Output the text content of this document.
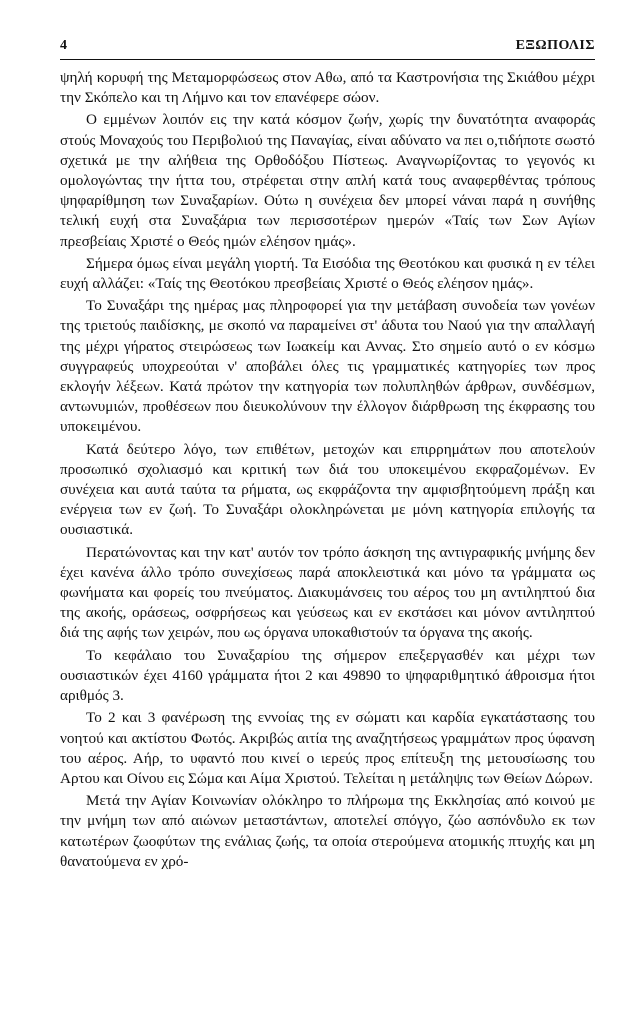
4	ΕΞΩΠΟΛΙΣ

ψηλή κορυφή της Μεταμορφώσεως στον Αθω, από τα Καστρονήσια της Σκιάθου μέχρι την Σκόπελο και τη Λήμνο και τον επανέφερε σώον.

Ο εμμένων λοιπόν εις την κατά κόσμον ζωήν, χωρίς την δυνατότητα αναφοράς στούς Μοναχούς του Περιβολιού της Παναγίας, είναι αδύνατο να πει ο,τιδήποτε σωστό σχετικά με την αλήθεια της Ορθοδόξου Πίστεως. Αναγνωρίζοντας το γεγονός κι ομολογώντας την ήττα του, στρέφεται στην απλή κατά τους αναφερθέντας τρόπους ψηφαρίθμηση των Συναξαρίων. Ούτω η συνέχεια δεν μπορεί νάναι παρά η συνήθης τελική ευχή στα Συναξάρια των περισσοτέρων ημερών «Ταίς των Σων Αγίων πρεσβείαις Χριστέ ο Θεός ημών ελέησον ημάς».

Σήμερα όμως είναι μεγάλη γιορτή. Τα Εισόδια της Θεοτόκου και φυσικά η εν τέλει ευχή αλλάζει: «Ταίς της Θεοτόκου πρεσβείαις Χριστέ ο Θεός ελέησον ημάς».

Το Συναξάρι της ημέρας μας πληροφορεί για την μετάβαση συνοδεία των γονέων της τριετούς παιδίσκης, με σκοπό να παραμείνει στ' άδυτα του Ναού για την απαλλαγή της μέχρι γήρατος στειρώσεως των Ιωακείμ και Αννας. Στο σημείο αυτό ο εν κόσμω συγγραφεύς υποχρεούται ν' αποβάλει όλες τις γραμματικές κατηγορίες των προς εκλογήν λέξεων. Κατά πρώτον την κατηγορία των πολυπληθών άρθρων, συνδέσμων, αντωνυμιών, προθέσεων που διευκολύνουν την έλλογον διάρθρωση της έκφρασης του υποκειμένου.

Κατά δεύτερο λόγο, των επιθέτων, μετοχών και επιρρημάτων που αποτελούν προσωπικό σχολιασμό και κριτική των διά του υποκειμένου εκφραζομένων. Εν συνέχεια και αυτά ταύτα τα ρήματα, ως εκφράζοντα την αμφισβητούμενη πράξη και ενέργεια των εν ζωή. Το Συναξάρι ολοκληρώνεται με μόνη κατηγορία επιλογής τα ουσιαστικά.

Περατώνοντας και την κατ' αυτόν τον τρόπο άσκηση της αντιγραφικής μνήμης δεν έχει κανένα άλλο τρόπο συνεχίσεως παρά αποκλειστικά και μόνο τα γράμματα ως φωνήματα και φορείς του πνεύματος. Διακυμάνσεις του αέρος του μη αντιληπτού δια της ακοής, οράσεως, οσφρήσεως και γεύσεως και εν εκστάσει και μόνον αντιληπτού διά της αφής των χειρών, που ως όργανα υποκαθιστούν τα όργανα της ακοής.

Το κεφάλαιο του Συναξαρίου της σήμερον επεξεργασθέν και μέχρι των ουσιαστικών έχει 4160 γράμματα ήτοι 2 και 49890 το ψηφαριθμητικό άθροισμα ήτοι αριθμός 3.

Το 2 και 3 φανέρωση της εννοίας της εν σώματι και καρδία εγκατάστασης του νοητού και ακτίστου Φωτός. Ακριβώς αιτία της αναζητήσεως γραμμάτων προς ύφανση του αέρος. Αήρ, το υφαντό που κινεί ο ιερεύς προς επίτευξη της μετουσίωσης του Αρτου και Οίνου εις Σώμα και Αίμα Χριστού. Τελείται η μετάληψις των Θείων Δώρων.

Μετά την Αγίαν Κοινωνίαν ολόκληρο το πλήρωμα της Εκκλησίας από κοινού με την μνήμη των από αιώνων μεταστάντων, αποτελεί σπόγγο, ζώο ασπόνδυλο εκ των κατωτέρων ζωοφύτων της ενάλιας ζωής, τα οποία στερούμενα ατομικής πτυχής και μη θανατούμενα εν χρό-
